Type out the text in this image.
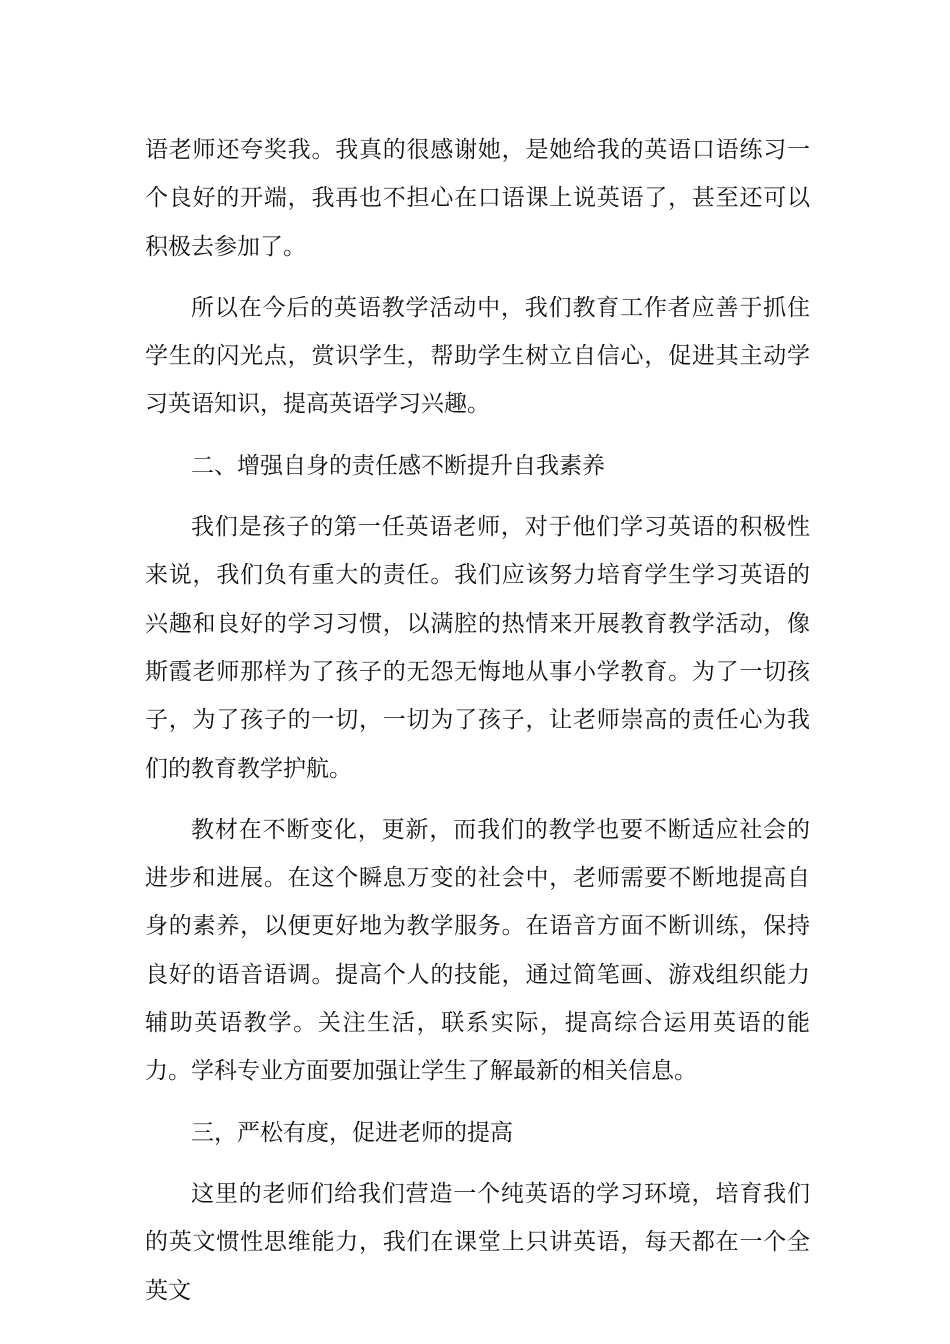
语老师还夸奖我。我真的很感谢她，是她给我的英语口语练习一个良好的开端，我再也不担心在口语课上说英语了，甚至还可以积极去参加了。

所以在今后的英语教学活动中，我们教育工作者应善于抓住学生的闪光点，赏识学生，帮助学生树立自信心，促进其主动学习英语知识，提高英语学习兴趣。

二、增强自身的责任感不断提升自我素养

我们是孩子的第一任英语老师，对于他们学习英语的积极性来说，我们负有重大的责任。我们应该努力培育学生学习英语的兴趣和良好的学习习惯，以满腔的热情来开展教育教学活动，像斯霞老师那样为了孩子的无怨无悔地从事小学教育。为了一切孩子，为了孩子的一切，一切为了孩子，让老师崇高的责任心为我们的教育教学护航。

教材在不断变化，更新，而我们的教学也要不断适应社会的进步和进展。在这个瞬息万变的社会中，老师需要不断地提高自身的素养，以便更好地为教学服务。在语音方面不断训练，保持良好的语音语调。提高个人的技能，通过简笔画、游戏组织能力辅助英语教学。关注生活，联系实际，提高综合运用英语的能力。学科专业方面要加强让学生了解最新的相关信息。

三，严松有度，促进老师的提高

这里的老师们给我们营造一个纯英语的学习环境，培育我们的英文惯性思维能力，我们在课堂上只讲英语，每天都在一个全英文
